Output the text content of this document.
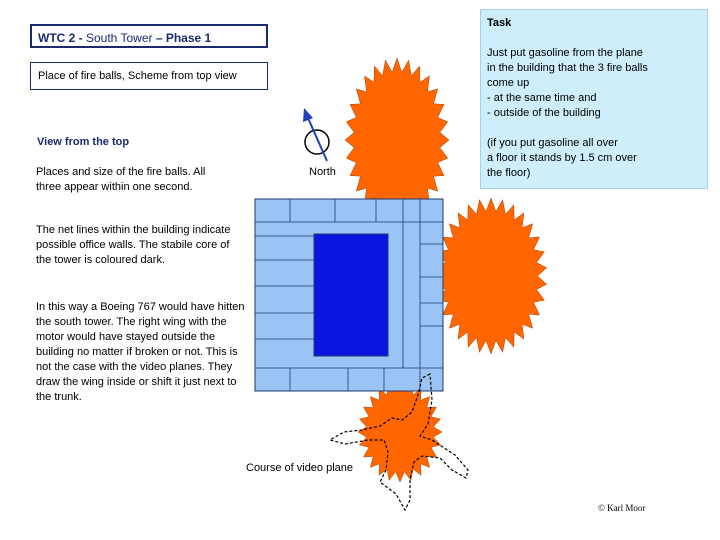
WTC 2 - South Tower – Phase 1
Place of fire balls, Scheme from top view
View from the top
Places and size of the fire balls. All three appear within one second.
The net lines within the building indicate possible office walls. The stabile core of the tower is coloured dark.
In this way a Boeing 767 would have hitten the south tower. The right wing with the motor would have stayed outside the building no matter if broken or not. This is not the case with the video planes. They draw the wing inside or shift it just next to the trunk.
North
Course of video plane
Task
Just put gasoline from the plane
in the building that the 3 fire balls
come up
- at the same time and
- outside of the building
(if you put gasoline all over
a floor it stands by 1.5 cm over
the floor)
© Karl Moor
